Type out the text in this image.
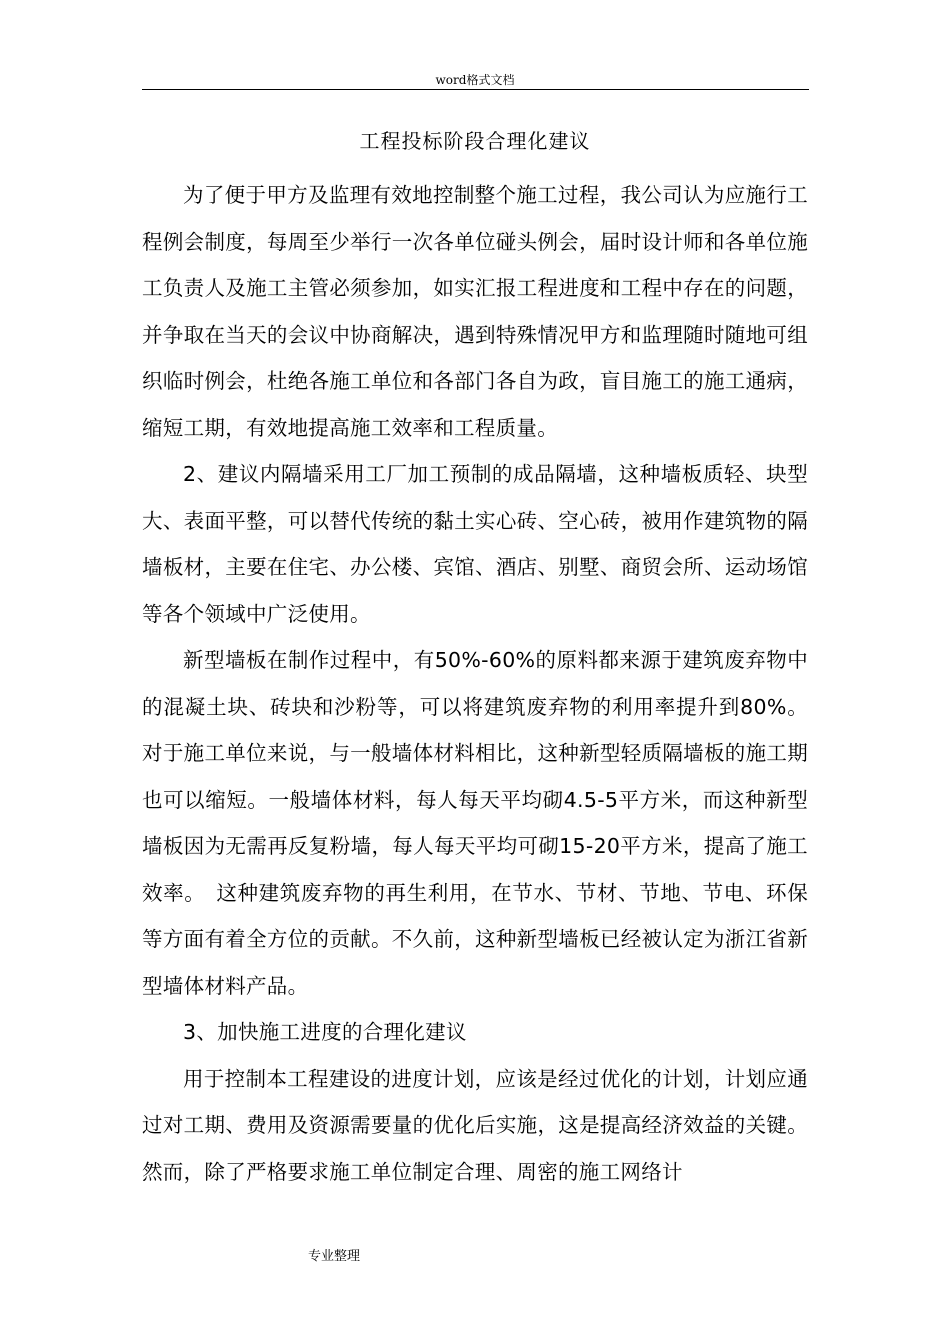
word格式文档
工程投标阶段合理化建议

为了便于甲方及监理有效地控制整个施工过程，我公司认为应施行工程例会制度，每周至少举行一次各单位碰头例会，届时设计师和各单位施工负责人及施工主管必须参加，如实汇报工程进度和工程中存在的问题，并争取在当天的会议中协商解决，遇到特殊情况甲方和监理随时随地可组织临时例会，杜绝各施工单位和各部门各自为政，盲目施工的施工通病，缩短工期，有效地提高施工效率和工程质量。

2、建议内隔墙采用工厂加工预制的成品隔墙，这种墙板质轻、块型大、表面平整，可以替代传统的黏土实心砖、空心砖，被用作建筑物的隔墙板材，主要在住宅、办公楼、宾馆、酒店、别墅、商贸会所、运动场馆等各个领域中广泛使用。

新型墙板在制作过程中，有50%-60%的原料都来源于建筑废弃物中的混凝土块、砖块和沙粉等，可以将建筑废弃物的利用率提升到80%。对于施工单位来说，与一般墙体材料相比，这种新型轻质隔墙板的施工期也可以缩短。一般墙体材料，每人每天平均砌4.5-5平方米，而这种新型墙板因为无需再反复粉墙，每人每天平均可砌15-20平方米，提高了施工效率。　这种建筑废弃物的再生利用，在节水、节材、节地、节电、环保等方面有着全方位的贡献。不久前，这种新型墙板已经被认定为浙江省新型墙体材料产品。

3、加快施工进度的合理化建议

用于控制本工程建设的进度计划，应该是经过优化的计划，计划应通过对工期、费用及资源需要量的优化后实施，这是提高经济效益的关键。然而，除了严格要求施工单位制定合理、周密的施工网络计

专业整理
